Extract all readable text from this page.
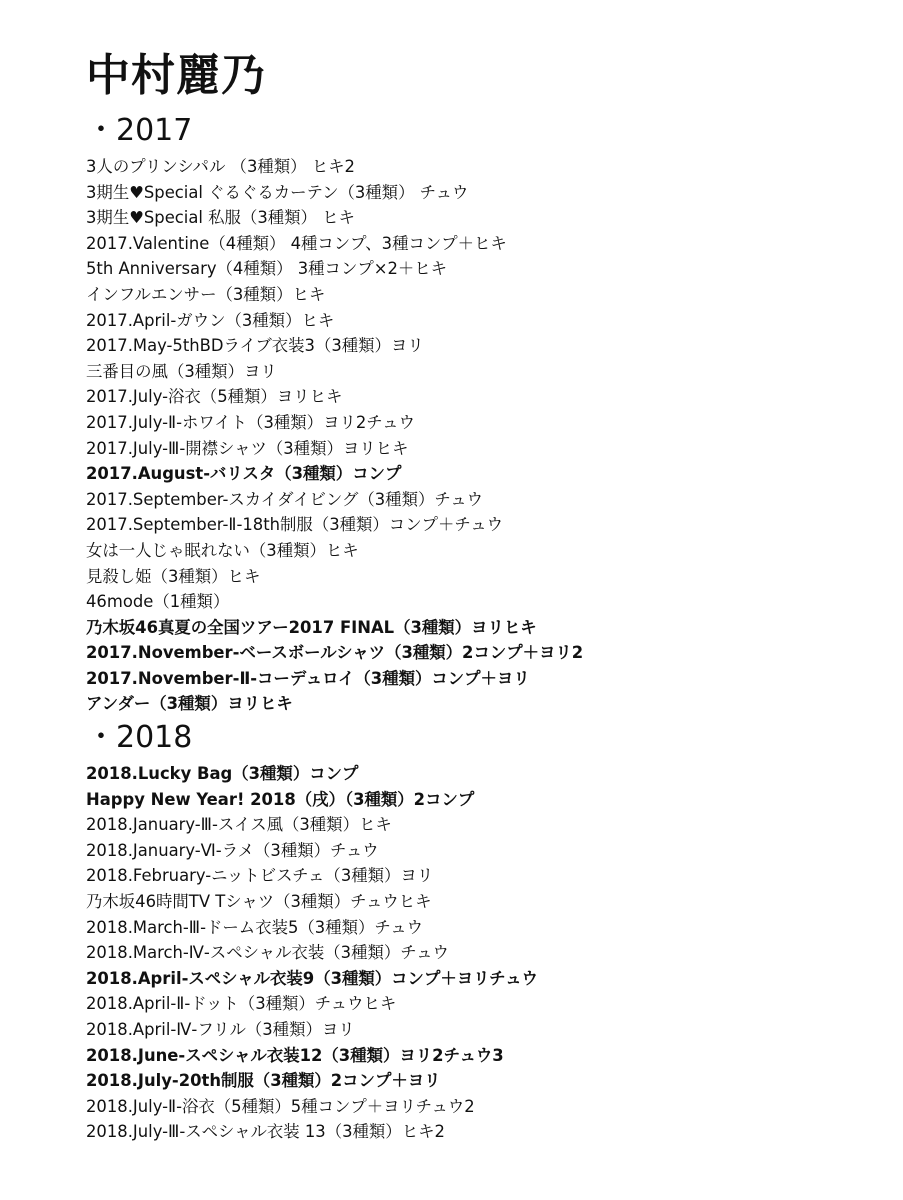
中村麗乃
・2017
3人のプリンシパル （3種類） ヒキ2
3期生♥Special ぐるぐるカーテン（3種類） チュウ
3期生♥Special 私服（3種類） ヒキ
2017.Valentine（4種類） 4種コンプ、3種コンプ＋ヒキ
5th Anniversary（4種類） 3種コンプ×2＋ヒキ
インフルエンサー（3種類）ヒキ
2017.April-ガウン（3種類）ヒキ
2017.May-5thBDライブ衣装3（3種類）ヨリ
三番目の風（3種類）ヨリ
2017.July-浴衣（5種類）ヨリヒキ
2017.July-Ⅱ-ホワイト（3種類）ヨリ2チュウ
2017.July-Ⅲ-開襟シャツ（3種類）ヨリヒキ
2017.August-バリスタ（3種類）コンプ
2017.September-スカイダイビング（3種類）チュウ
2017.September-Ⅱ-18th制服（3種類）コンプ＋チュウ
女は一人じゃ眠れない（3種類）ヒキ
見殺し姫（3種類）ヒキ
46mode（1種類）
乃木坂46真夏の全国ツアー2017 FINAL（3種類）ヨリヒキ
2017.November-ベースボールシャツ（3種類）2コンプ＋ヨリ2
2017.November-Ⅱ-コーデュロイ（3種類）コンプ＋ヨリ
アンダー（3種類）ヨリヒキ
・2018
2018.Lucky Bag（3種類）コンプ
Happy New Year! 2018（戌）（3種類）2コンプ
2018.January-Ⅲ-スイス風（3種類）ヒキ
2018.January-Ⅵ-ラメ（3種類）チュウ
2018.February-ニットビスチェ（3種類）ヨリ
乃木坂46時間TV Tシャツ（3種類）チュウヒキ
2018.March-Ⅲ-ドーム衣装5（3種類）チュウ
2018.March-Ⅳ-スペシャル衣装（3種類）チュウ
2018.April-スペシャル衣装9（3種類）コンプ＋ヨリチュウ
2018.April-Ⅱ-ドット（3種類）チュウヒキ
2018.April-Ⅳ-フリル（3種類）ヨリ
2018.June-スペシャル衣装12（3種類）ヨリ2チュウ3
2018.July-20th制服（3種類）2コンプ＋ヨリ
2018.July-Ⅱ-浴衣（5種類）5種コンプ＋ヨリチュウ2
2018.July-Ⅲ-スペシャル衣装 13（3種類）ヒキ2
